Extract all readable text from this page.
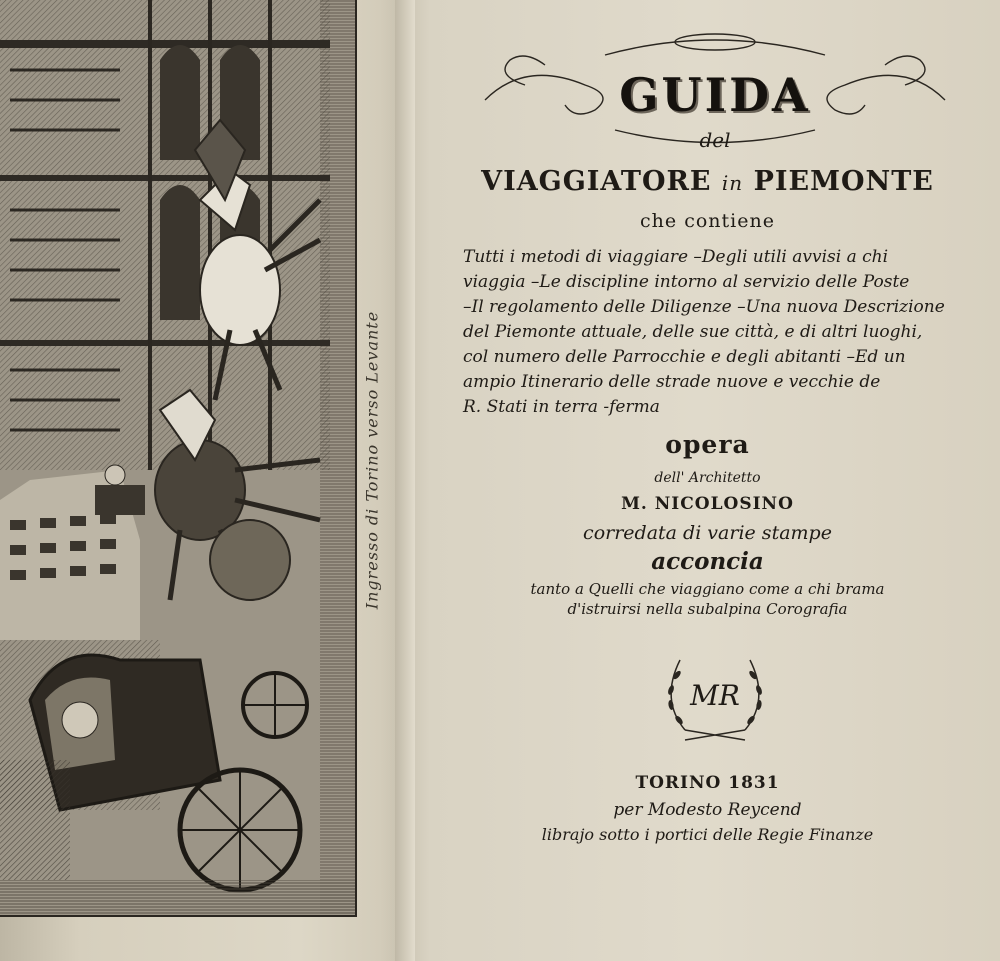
Ingresso di Torino verso Levante
GUIDA
del
VIAGGIATORE in PIEMONTE
che contiene
Tutti i metodi di viaggiare –Degli utili avvisi a chi
viaggia –Le discipline intorno al servizio delle Poste
–Il regolamento delle Diligenze –Una nuova Descrizione
del Piemonte attuale, delle sue città, e di altri luoghi,
col numero delle Parrocchie e degli abitanti –Ed un
ampio Itinerario delle strade nuove e vecchie de
R. Stati in terra -ferma
opera
dell' Architetto
M. NICOLOSINO
corredata di varie stampe
acconcia
tanto a Quelli che viaggiano come a chi brama
d'istruirsi nella subalpina Corografia
MR
TORINO 1831
per Modesto Reycend
librajo sotto i portici delle Regie Finanze
